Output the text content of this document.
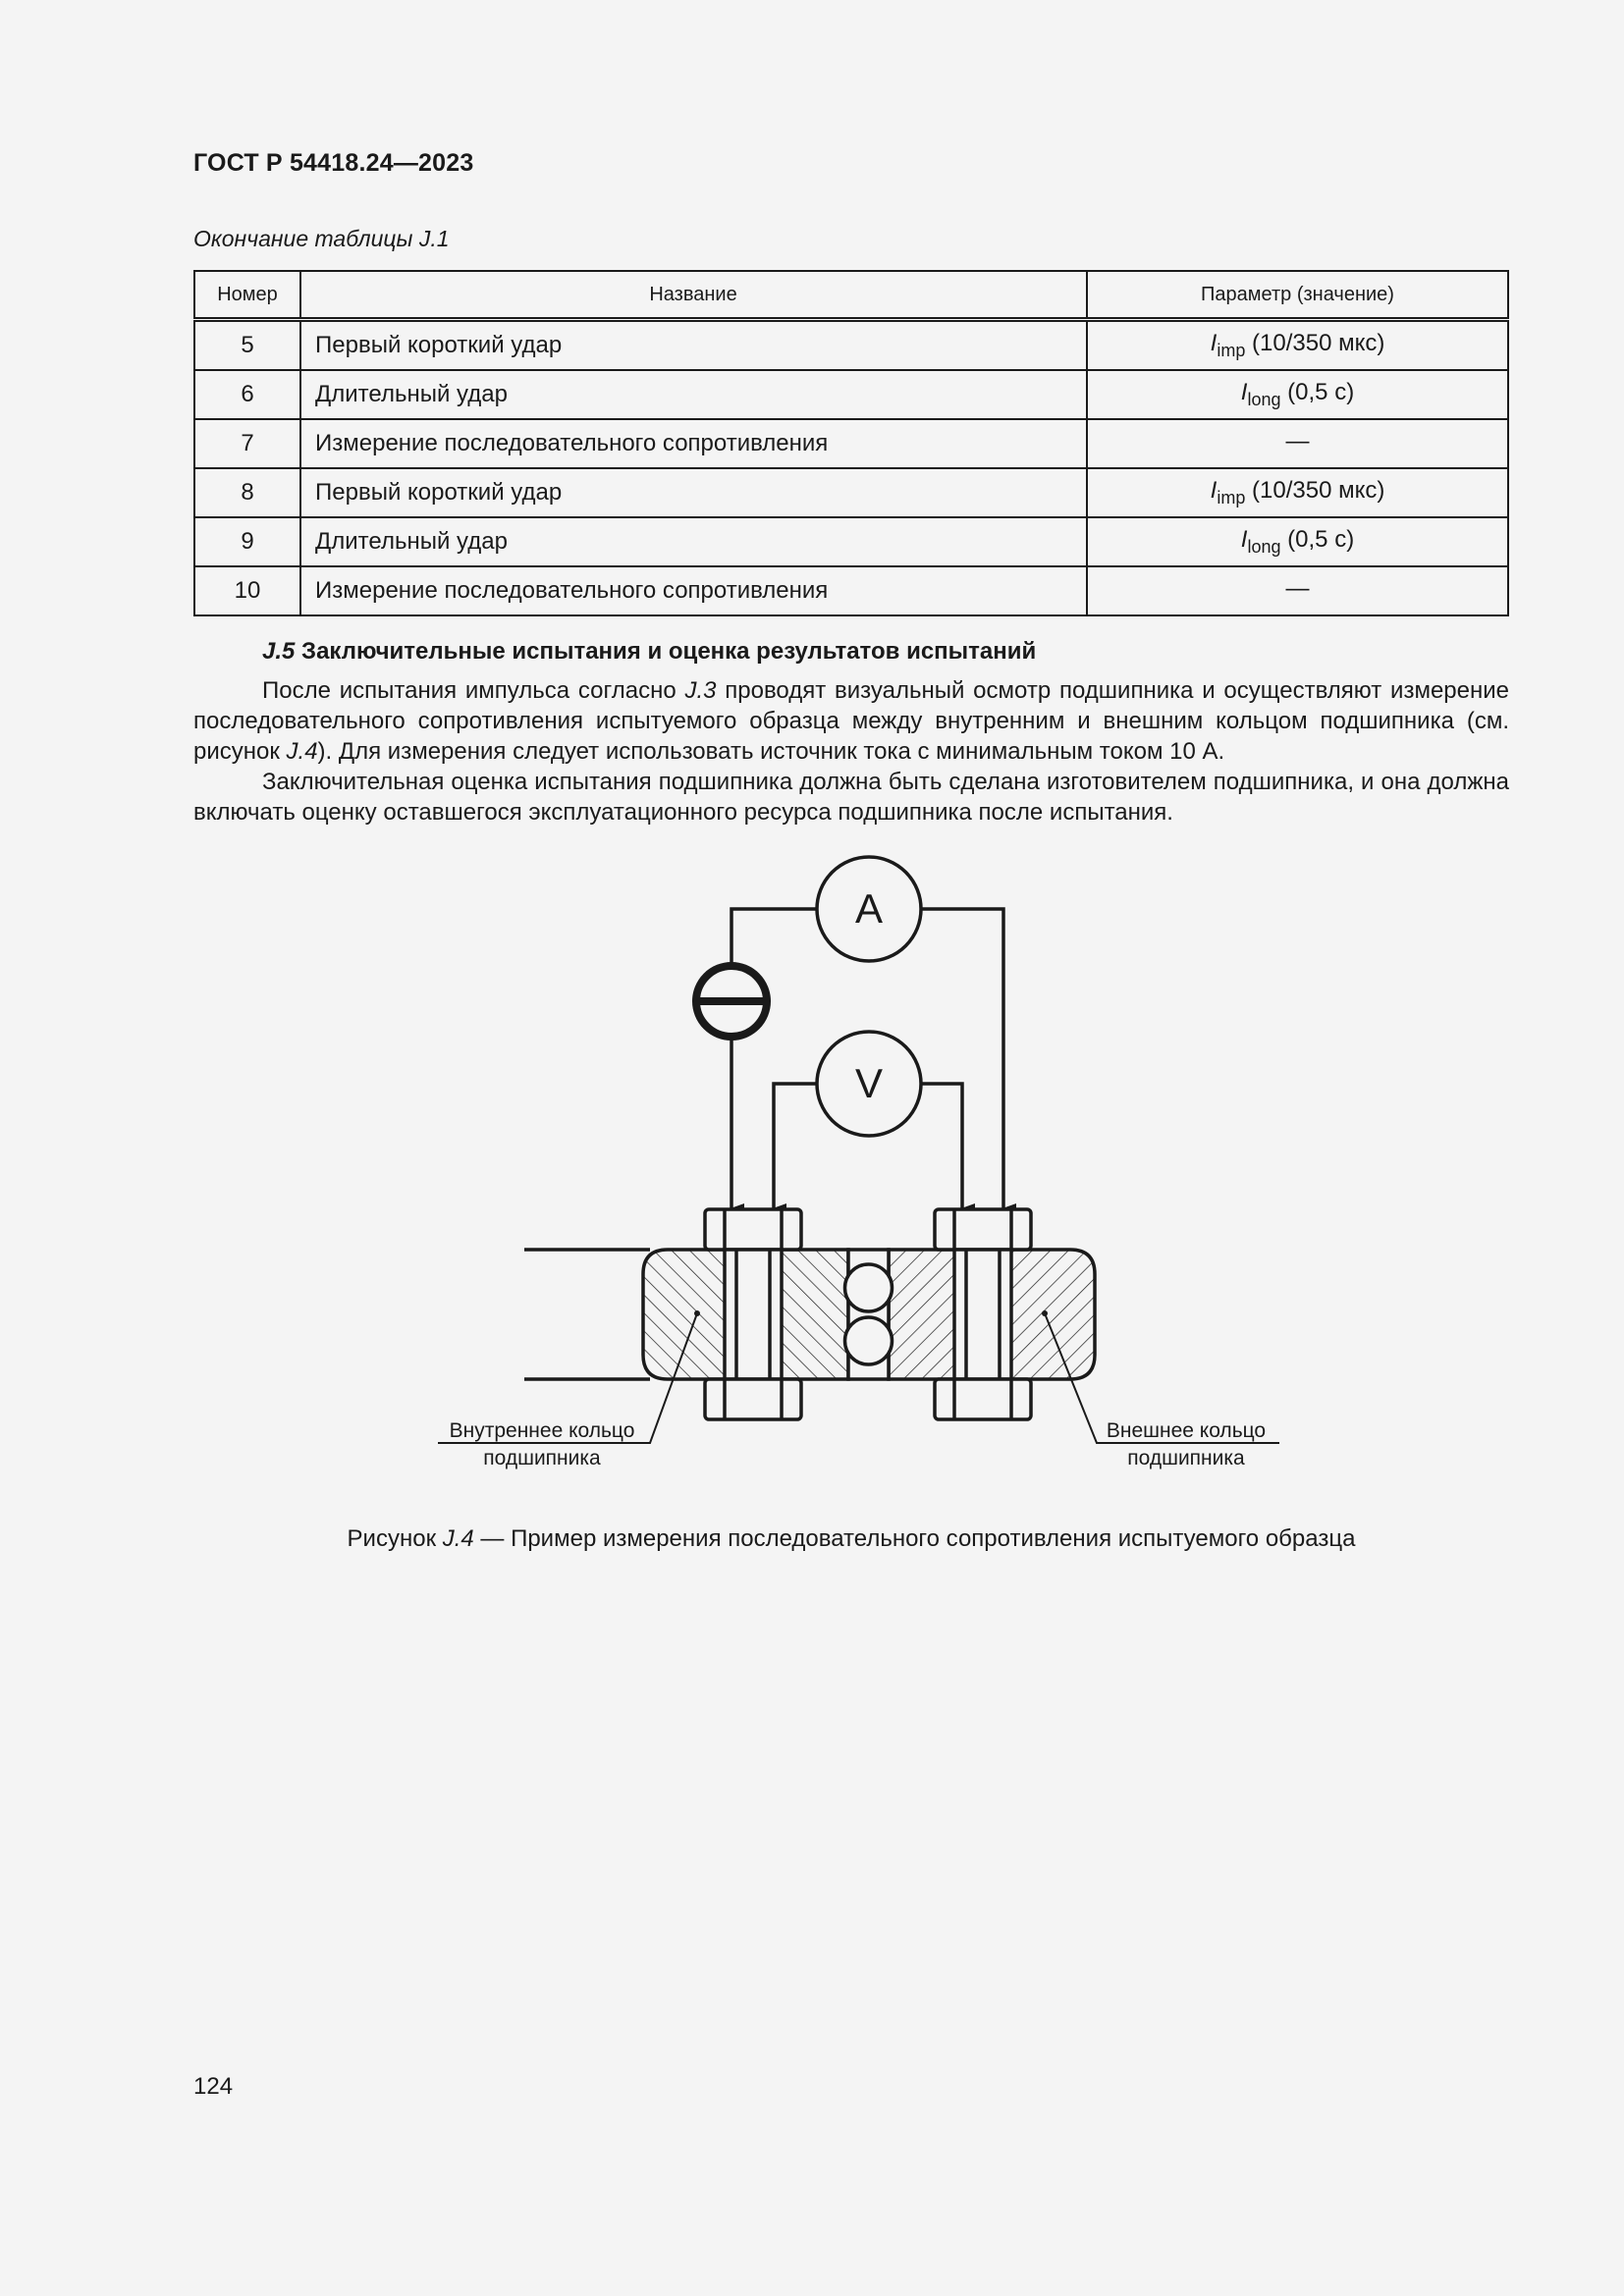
ГОСТ Р 54418.24—2023
Окончание таблицы J.1
Номер	Название	Параметр (значение)
5	Первый короткий удар	$I_{imp}$ (10/350 мкс)
6	Длительный удар	$I_{long}$ (0,5 с)
7	Измерение последовательного сопротивления	—
8	Первый короткий удар	$I_{imp}$ (10/350 мкс)
9	Длительный удар	$I_{long}$ (0,5 с)
10	Измерение последовательного сопротивления	—
J.5 Заключительные испытания и оценка результатов испытаний

После испытания импульса согласно J.3 проводят визуальный осмотр подшипника и осуществляют измерение последовательного сопротивления испытуемого образца между внутренним и внешним кольцом подшипника (см. рисунок J.4). Для измерения следует использовать источник тока с минимальным током 10 А.

Заключительная оценка испытания подшипника должна быть сделана изготовителем подшипника, и она должна включать оценку оставшегося эксплуатационного ресурса подшипника после испытания.

A
V
Внутреннее кольцо
подшипника
Внешнее кольцо
подшипника
Рисунок J.4 — Пример измерения последовательного сопротивления испытуемого образца
124
